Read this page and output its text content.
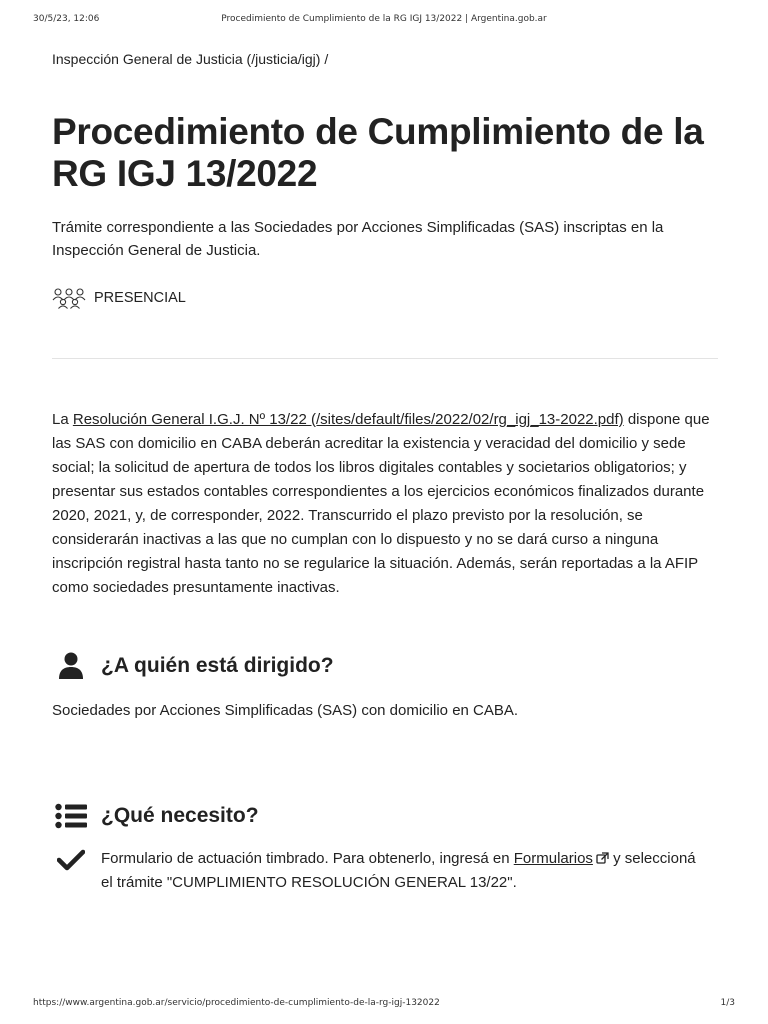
30/5/23, 12:06	Procedimiento de Cumplimiento de la RG IGJ 13/2022 | Argentina.gob.ar
Inspección General de Justicia (/justicia/igj) /
Procedimiento de Cumplimiento de la RG IGJ 13/2022

Trámite correspondiente a las Sociedades por Acciones Simplificadas (SAS) inscriptas en la Inspección General de Justicia.

PRESENCIAL

La Resolución General I.G.J. Nº 13/22 (/sites/default/files/2022/02/rg_igj_13-2022.pdf) dispone que las SAS con domicilio en CABA deberán acreditar la existencia y veracidad del domicilio y sede social; la solicitud de apertura de todos los libros digitales contables y societarios obligatorios; y presentar sus estados contables correspondientes a los ejercicios económicos finalizados durante 2020, 2021, y, de corresponder, 2022. Transcurrido el plazo previsto por la resolución, se considerarán inactivas a las que no cumplan con lo dispuesto y no se dará curso a ninguna inscripción registral hasta tanto no se regularice la situación. Además, serán reportadas a la AFIP como sociedades presuntamente inactivas.

¿A quién está dirigido?

Sociedades por Acciones Simplificadas (SAS) con domicilio en CABA.

¿Qué necesito?
Formulario de actuación timbrado. Para obtenerlo, ingresá en Formularios y seleccioná el trámite "CUMPLIMIENTO RESOLUCIÓN GENERAL 13/22".
https://www.argentina.gob.ar/servicio/procedimiento-de-cumplimiento-de-la-rg-igj-132022	1/3
